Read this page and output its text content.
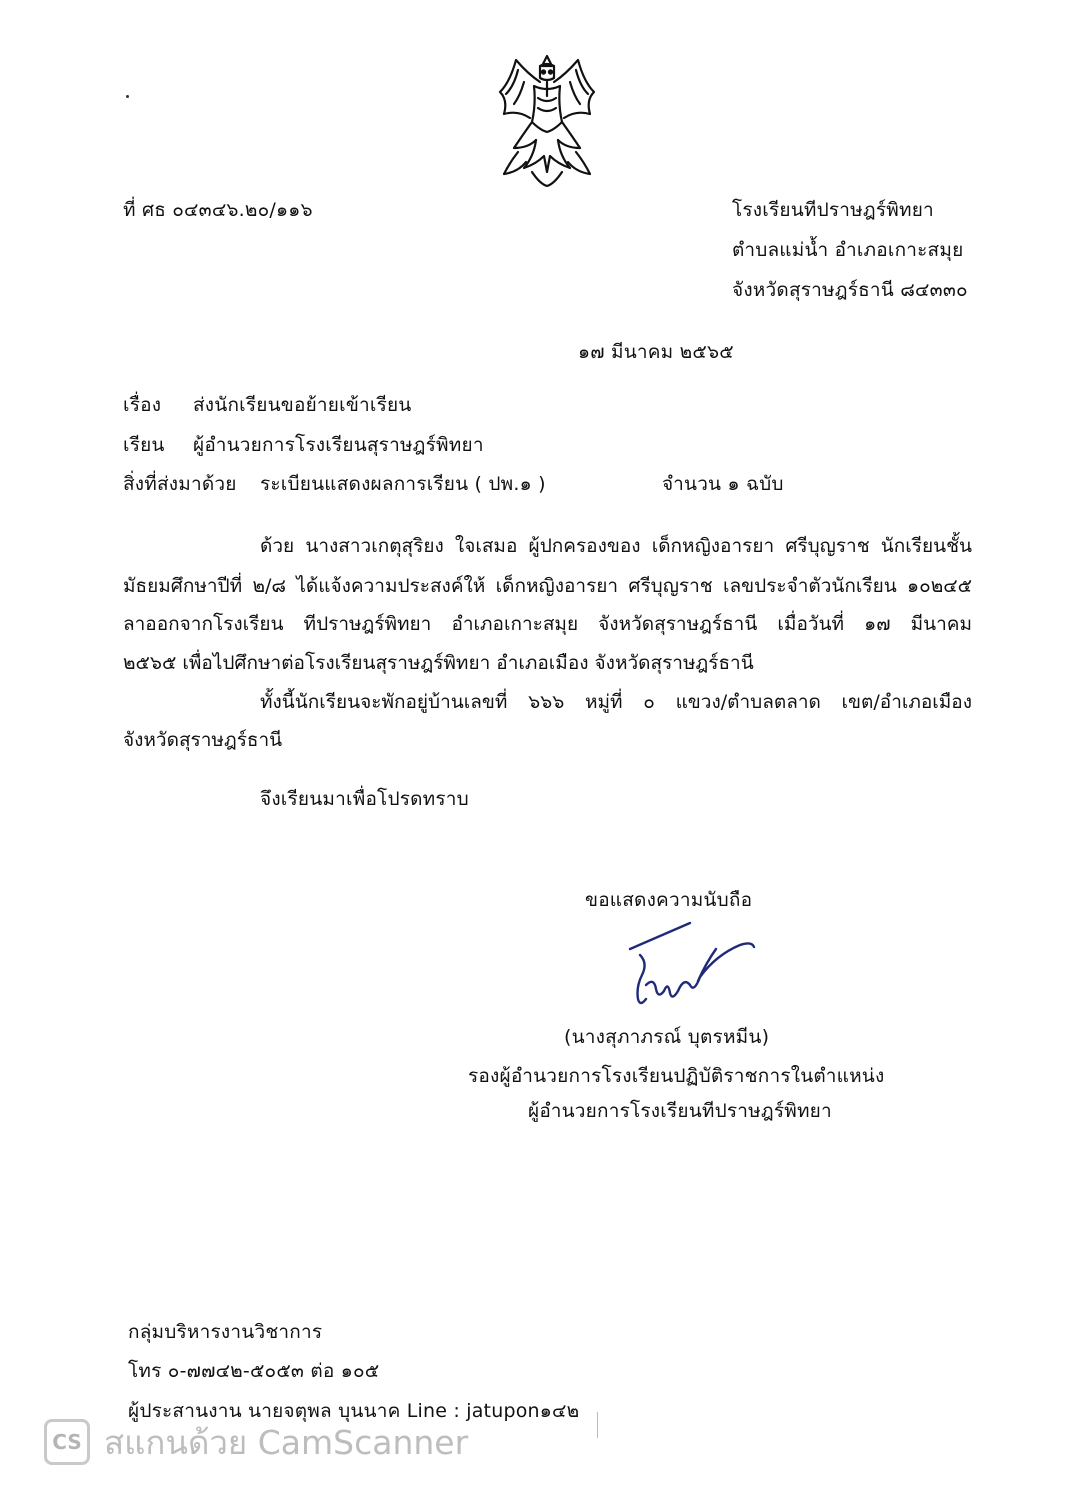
ที่ ศธ ๐๔๓๔๖.๒๐/๑๑๖	โรงเรียนทีปราษฎร์พิทยา
ตำบลแม่น้ำ อำเภอเกาะสมุย
จังหวัดสุราษฎร์ธานี ๘๔๓๓๐
๑๗ มีนาคม ๒๕๖๕
เรื่อง ส่งนักเรียนขอย้ายเข้าเรียน
เรียน ผู้อำนวยการโรงเรียนสุราษฎร์พิทยา
สิ่งที่ส่งมาด้วย ระเบียนแสดงผลการเรียน ( ปพ.๑ )	จำนวน ๑ ฉบับ
ด้วย นางสาวเกตุสุริยง ใจเสมอ ผู้ปกครองของ เด็กหญิงอารยา ศรีบุญราช นักเรียนชั้น
มัธยมศึกษาปีที่ ๒/๘ ได้แจ้งความประสงค์ให้ เด็กหญิงอารยา ศรีบุญราช เลขประจำตัวนักเรียน ๑๐๒๔๕
ลาออกจากโรงเรียน ทีปราษฎร์พิทยา อำเภอเกาะสมุย จังหวัดสุราษฎร์ธานี เมื่อวันที่ ๑๗ มีนาคม
๒๕๖๕ เพื่อไปศึกษาต่อโรงเรียนสุราษฎร์พิทยา อำเภอเมือง จังหวัดสุราษฎร์ธานี
ทั้งนี้นักเรียนจะพักอยู่บ้านเลขที่ ๖๖๖ หมู่ที่ ๐ แขวง/ตำบลตลาด เขต/อำเภอเมือง
จังหวัดสุราษฎร์ธานี
จึงเรียนมาเพื่อโปรดทราบ
ขอแสดงความนับถือ
(นางสุภาภรณ์ บุตรหมีน)
รองผู้อำนวยการโรงเรียนปฏิบัติราชการในตำแหน่ง
ผู้อำนวยการโรงเรียนทีปราษฎร์พิทยา
กลุ่มบริหารงานวิชาการ
โทร ๐-๗๗๔๒-๕๐๕๓ ต่อ ๑๐๕
ผู้ประสานงาน นายจตุพล บุนนาค Line : jatupon๑๔๒
CS สแกนด้วย CamScanner
